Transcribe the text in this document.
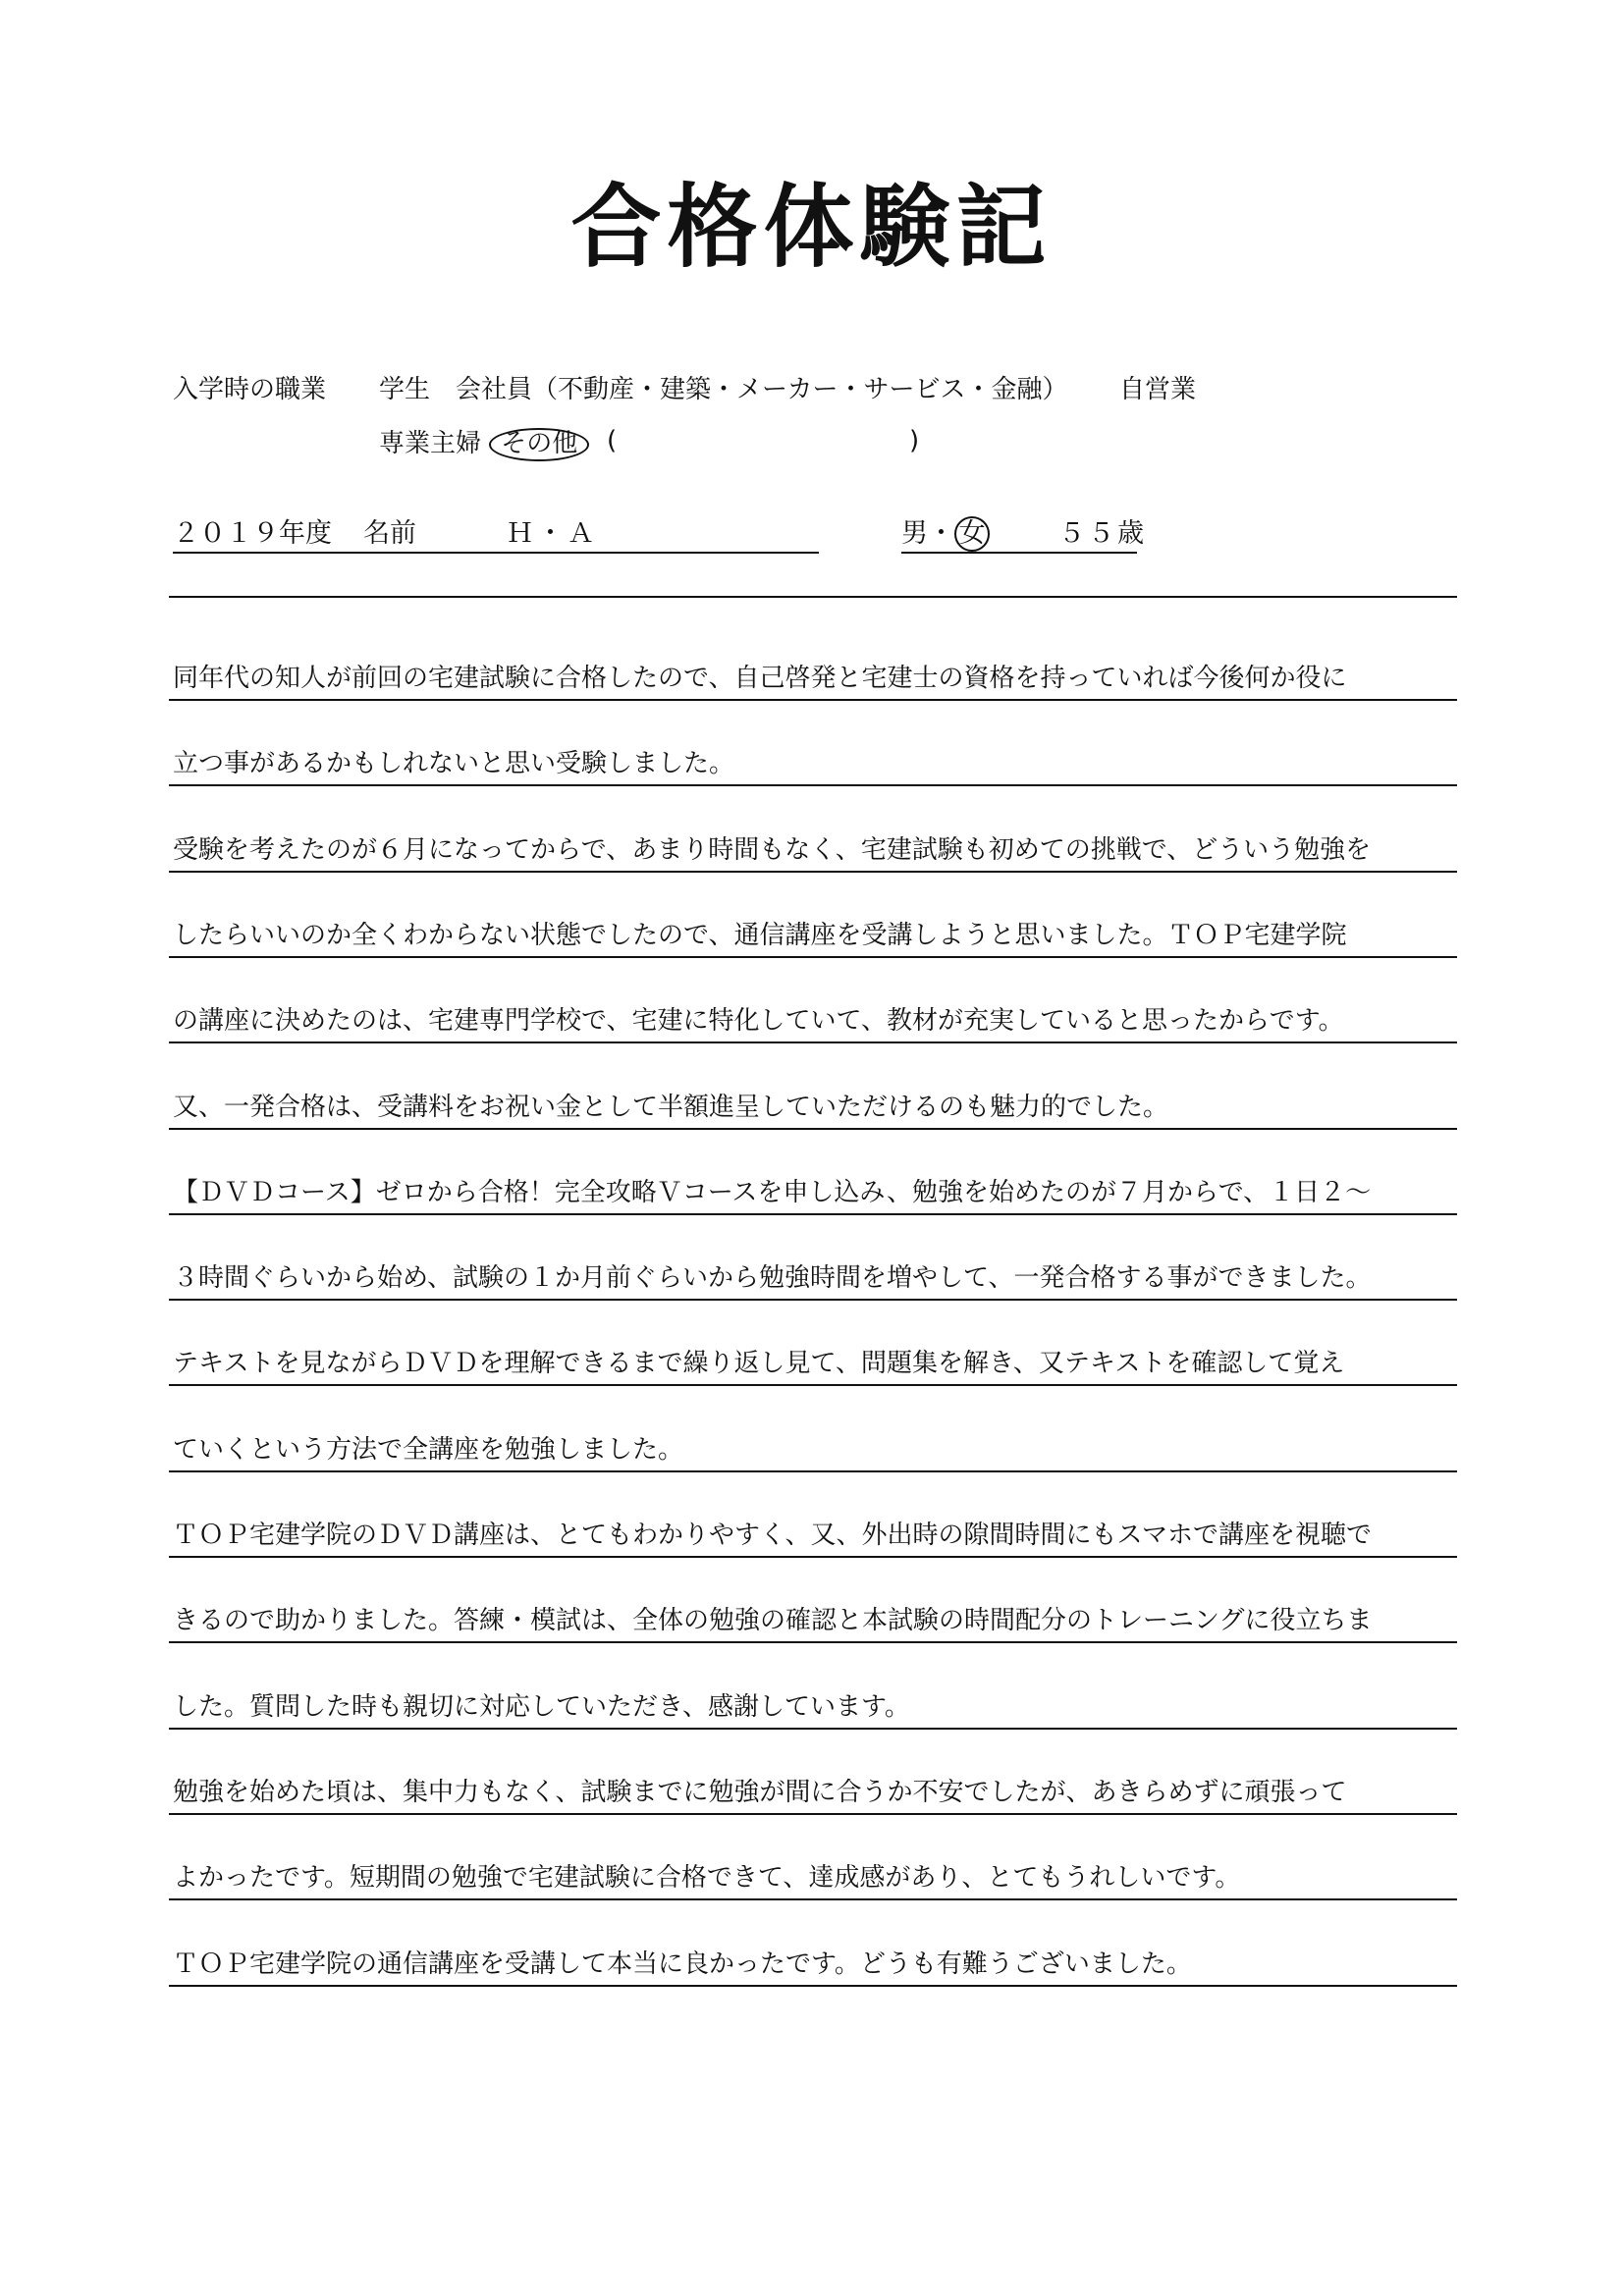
合格体験記
入学時の職業 学生　会社員（不動産・建築・メーカー・サービス・金融） 自営業
専業主婦 その他	(	)
２０１９年度 名前	Ｈ・Ａ	男・ 女	５５歳
同年代の知人が前回の宅建試験に合格したので、自己啓発と宅建士の資格を持っていれば今後何か役に
立つ事があるかもしれないと思い受験しました。
受験を考えたのが６月になってからで、あまり時間もなく、宅建試験も初めての挑戦で、どういう勉強を
したらいいのか全くわからない状態でしたので、通信講座を受講しようと思いました。ＴＯＰ宅建学院
の講座に決めたのは、宅建専門学校で、宅建に特化していて、教材が充実していると思ったからです。
又、一発合格は、受講料をお祝い金として半額進呈していただけるのも魅力的でした。
【ＤＶＤコース】ゼロから合格！完全攻略Ｖコースを申し込み、勉強を始めたのが７月からで、１日２～
３時間ぐらいから始め、試験の１か月前ぐらいから勉強時間を増やして、一発合格する事ができました。
テキストを見ながらＤＶＤを理解できるまで繰り返し見て、問題集を解き、又テキストを確認して覚え
ていくという方法で全講座を勉強しました。
ＴＯＰ宅建学院のＤＶＤ講座は、とてもわかりやすく、又、外出時の隙間時間にもスマホで講座を視聴で
きるので助かりました。答練・模試は、全体の勉強の確認と本試験の時間配分のトレーニングに役立ちま
した。質問した時も親切に対応していただき、感謝しています。
勉強を始めた頃は、集中力もなく、試験までに勉強が間に合うか不安でしたが、あきらめずに頑張って
よかったです。短期間の勉強で宅建試験に合格できて、達成感があり、とてもうれしいです。
ＴＯＰ宅建学院の通信講座を受講して本当に良かったです。どうも有難うございました。
